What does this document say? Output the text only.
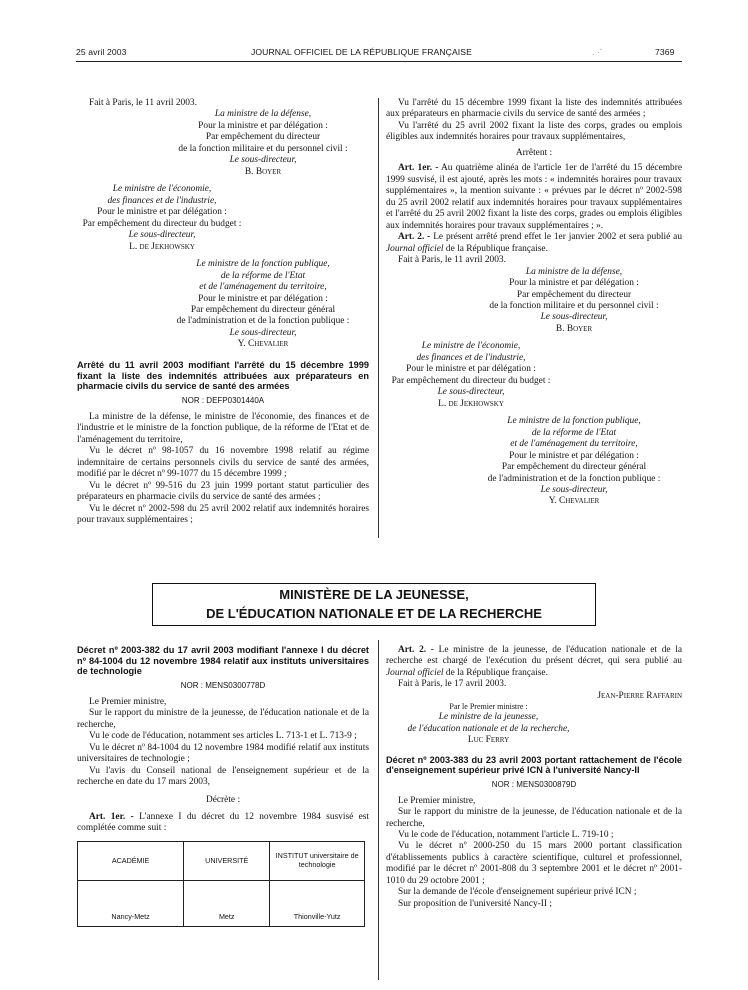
25 avril 2003	JOURNAL OFFICIEL DE LA RÉPUBLIQUE FRANÇAISE	. ·´	7369

Fait à Paris, le 11 avril 2003.

La ministre de la défense,

Pour la ministre et par délégation :

Par empêchement du directeur

de la fonction militaire et du personnel civil :

Le sous-directeur,

B. Boyer

Le ministre de l'économie,

des finances et de l'industrie,

Pour le ministre et par délégation :

Par empêchement du directeur du budget :

Le sous-directeur,

L. de Jekhowsky

Le ministre de la fonction publique,

de la réforme de l'Etat

et de l'aménagement du territoire,

Pour le ministre et par délégation :

Par empêchement du directeur général

de l'administration et de la fonction publique :

Le sous-directeur,

Y. Chevalier

Arrêté du 11 avril 2003 modifiant l'arrêté du 15 décembre 1999 fixant la liste des indemnités attribuées aux préparateurs en pharmacie civils du service de santé des armées

NOR : DEFP0301440A

La ministre de la défense, le ministre de l'économie, des finances et de l'industrie et le ministre de la fonction publique, de la réforme de l'Etat et de l'aménagement du territoire,

Vu le décret nº 98-1057 du 16 novembre 1998 relatif au régime indemnitaire de certains personnels civils du service de santé des armées, modifié par le décret nº 99-1077 du 15 décembre 1999 ;

Vu le décret nº 99-516 du 23 juin 1999 portant statut particulier des préparateurs en pharmacie civils du service de santé des armées ;

Vu le décret nº 2002-598 du 25 avril 2002 relatif aux indemnités horaires pour travaux supplémentaires ;

Vu l'arrêté du 15 décembre 1999 fixant la liste des indemnités attribuées aux préparateurs en pharmacie civils du service de santé des armées ;

Vu l'arrêté du 25 avril 2002 fixant la liste des corps, grades ou emplois éligibles aux indemnités horaires pour travaux supplémentaires,

Arrêtent :

Art. 1er. - Au quatrième alinéa de l'article 1er de l'arrêté du 15 décembre 1999 susvisé, il est ajouté, après les mots : « indemnités horaires pour travaux supplémentaires », la mention suivante : « prévues par le décret nº 2002-598 du 25 avril 2002 relatif aux indemnités horaires pour travaux supplémentaires et l'arrêté du 25 avril 2002 fixant la liste des corps, grades ou emplois éligibles aux indemnités horaires pour travaux supplémentaires ; ».

Art. 2. - Le présent arrêté prend effet le 1er janvier 2002 et sera publié au Journal officiel de la République française.

Fait à Paris, le 11 avril 2003.

La ministre de la défense,

Pour la ministre et par délégation :

Par empêchement du directeur

de la fonction militaire et du personnel civil :

Le sous-directeur,

B. Boyer

Le ministre de l'économie,

des finances et de l'industrie,

Pour le ministre et par délégation :

Par empêchement du directeur du budget :

Le sous-directeur,

L. de Jekhowsky

Le ministre de la fonction publique,

de la réforme de l'Etat

et de l'aménagement du territoire,

Pour le ministre et par délégation :

Par empêchement du directeur général

de l'administration et de la fonction publique :

Le sous-directeur,

Y. Chevalier

MINISTÈRE DE LA JEUNESSE,
DE L'ÉDUCATION NATIONALE ET DE LA RECHERCHE

Décret nº 2003-382 du 17 avril 2003 modifiant l'annexe I du décret nº 84-1004 du 12 novembre 1984 relatif aux instituts universitaires de technologie

NOR : MENS0300778D

Le Premier ministre,

Sur le rapport du ministre de la jeunesse, de l'éducation nationale et de la recherche,

Vu le code de l'éducation, notamment ses articles L. 713-1 et L. 713-9 ;

Vu le décret nº 84-1004 du 12 novembre 1984 modifié relatif aux instituts universitaires de technologie ;

Vu l'avis du Conseil national de l'enseignement supérieur et de la recherche en date du 17 mars 2003,

Décrète :

Art. 1er. - L'annexe I du décret du 12 novembre 1984 susvisé est complétée comme suit :

ACADÉMIE	UNIVERSITÉ	INSTITUT universitaire de technologie
Nancy-Metz	Metz	Thionville-Yutz

Art. 2. - Le ministre de la jeunesse, de l'éducation nationale et de la recherche est chargé de l'exécution du présent décret, qui sera publié au Journal officiel de la République française.

Fait à Paris, le 17 avril 2003.

Jean-Pierre Raffarin

Par le Premier ministre :

Le ministre de la jeunesse,

de l'éducation nationale et de la recherche,

Luc Ferry

Décret nº 2003-383 du 23 avril 2003 portant rattachement de l'école d'enseignement supérieur privé ICN à l'université Nancy-II

NOR : MENS0300879D

Le Premier ministre,

Sur le rapport du ministre de la jeunesse, de l'éducation nationale et de la recherche,

Vu le code de l'éducation, notamment l'article L. 719-10 ;

Vu le décret nº 2000-250 du 15 mars 2000 portant classification d'établissements publics à caractère scientifique, culturel et professionnel, modifié par le décret nº 2001-808 du 3 septembre 2001 et le décret nº 2001-1010 du 29 octobre 2001 ;

Sur la demande de l'école d'enseignement supérieur privé ICN ;

Sur proposition de l'université Nancy-II ;
